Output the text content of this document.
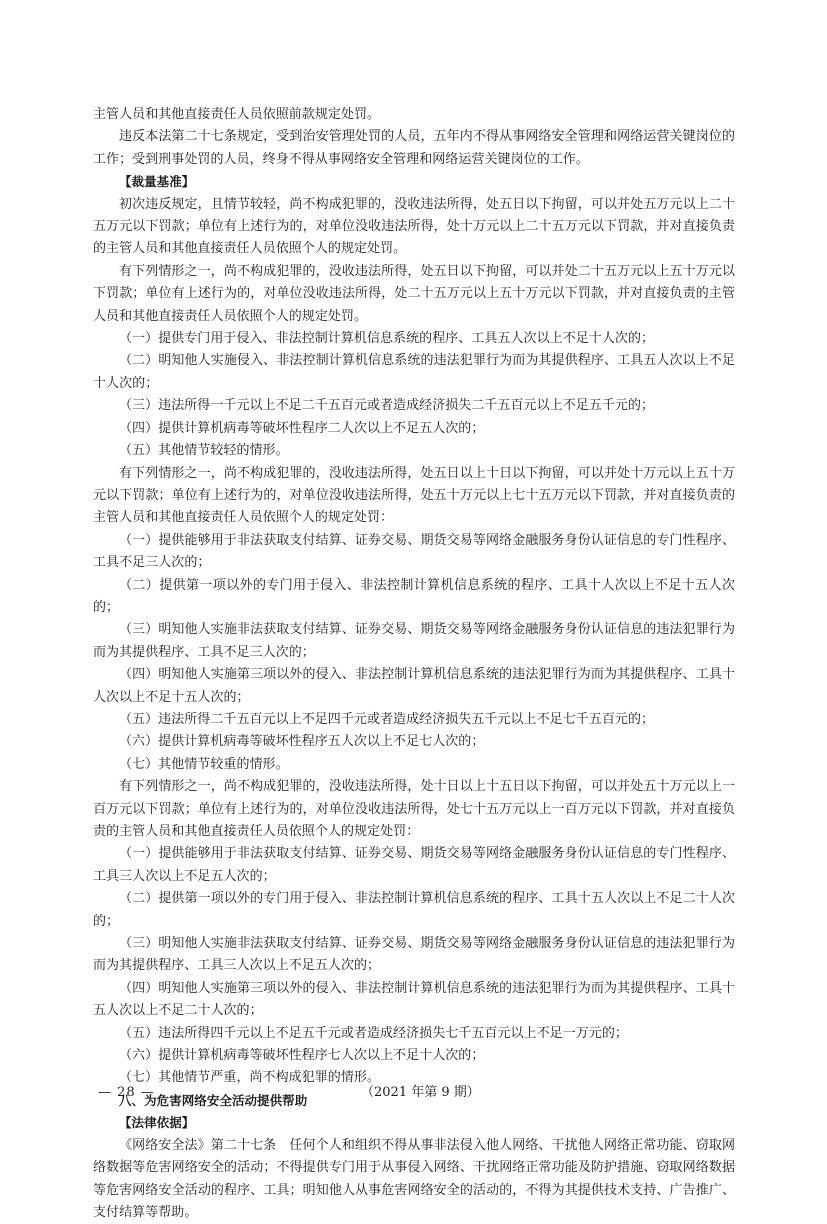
主管人员和其他直接责任人员依照前款规定处罚。

违反本法第二十七条规定，受到治安管理处罚的人员，五年内不得从事网络安全管理和网络运营关键岗位的工作；受到刑事处罚的人员，终身不得从事网络安全管理和网络运营关键岗位的工作。

【裁量基准】

初次违反规定，且情节较轻，尚不构成犯罪的，没收违法所得，处五日以下拘留，可以并处五万元以上二十五万元以下罚款；单位有上述行为的，对单位没收违法所得，处十万元以上二十五万元以下罚款，并对直接负责的主管人员和其他直接责任人员依照个人的规定处罚。

有下列情形之一，尚不构成犯罪的，没收违法所得，处五日以下拘留，可以并处二十五万元以上五十万元以下罚款；单位有上述行为的，对单位没收违法所得，处二十五万元以上五十万元以下罚款，并对直接负责的主管人员和其他直接责任人员依照个人的规定处罚。

（一）提供专门用于侵入、非法控制计算机信息系统的程序、工具五人次以上不足十人次的；

（二）明知他人实施侵入、非法控制计算机信息系统的违法犯罪行为而为其提供程序、工具五人次以上不足十人次的；

（三）违法所得一千元以上不足二千五百元或者造成经济损失二千五百元以上不足五千元的；

（四）提供计算机病毒等破坏性程序二人次以上不足五人次的；

（五）其他情节较轻的情形。

有下列情形之一，尚不构成犯罪的，没收违法所得，处五日以上十日以下拘留，可以并处十万元以上五十万元以下罚款；单位有上述行为的，对单位没收违法所得，处五十万元以上七十五万元以下罚款，并对直接负责的主管人员和其他直接责任人员依照个人的规定处罚：

（一）提供能够用于非法获取支付结算、证券交易、期货交易等网络金融服务身份认证信息的专门性程序、工具不足三人次的；

（二）提供第一项以外的专门用于侵入、非法控制计算机信息系统的程序、工具十人次以上不足十五人次的；

（三）明知他人实施非法获取支付结算、证券交易、期货交易等网络金融服务身份认证信息的违法犯罪行为而为其提供程序、工具不足三人次的；

（四）明知他人实施第三项以外的侵入、非法控制计算机信息系统的违法犯罪行为而为其提供程序、工具十人次以上不足十五人次的；

（五）违法所得二千五百元以上不足四千元或者造成经济损失五千元以上不足七千五百元的；

（六）提供计算机病毒等破坏性程序五人次以上不足七人次的；

（七）其他情节较重的情形。

有下列情形之一，尚不构成犯罪的，没收违法所得，处十日以上十五日以下拘留，可以并处五十万元以上一百万元以下罚款；单位有上述行为的，对单位没收违法所得，处七十五万元以上一百万元以下罚款，并对直接负责的主管人员和其他直接责任人员依照个人的规定处罚：

（一）提供能够用于非法获取支付结算、证券交易、期货交易等网络金融服务身份认证信息的专门性程序、工具三人次以上不足五人次的；

（二）提供第一项以外的专门用于侵入、非法控制计算机信息系统的程序、工具十五人次以上不足二十人次的；

（三）明知他人实施非法获取支付结算、证券交易、期货交易等网络金融服务身份认证信息的违法犯罪行为而为其提供程序、工具三人次以上不足五人次的；

（四）明知他人实施第三项以外的侵入、非法控制计算机信息系统的违法犯罪行为而为其提供程序、工具十五人次以上不足二十人次的；

（五）违法所得四千元以上不足五千元或者造成经济损失七千五百元以上不足一万元的；

（六）提供计算机病毒等破坏性程序七人次以上不足十人次的；

（七）其他情节严重，尚不构成犯罪的情形。

八、为危害网络安全活动提供帮助

【法律依据】

《网络安全法》第二十七条　任何个人和组织不得从事非法侵入他人网络、干扰他人网络正常功能、窃取网络数据等危害网络安全的活动；不得提供专门用于从事侵入网络、干扰网络正常功能及防护措施、窃取网络数据等危害网络安全活动的程序、工具；明知他人从事危害网络安全的活动的，不得为其提供技术支持、广告推广、支付结算等帮助。

— 28 —	（2021 年第 9 期）
